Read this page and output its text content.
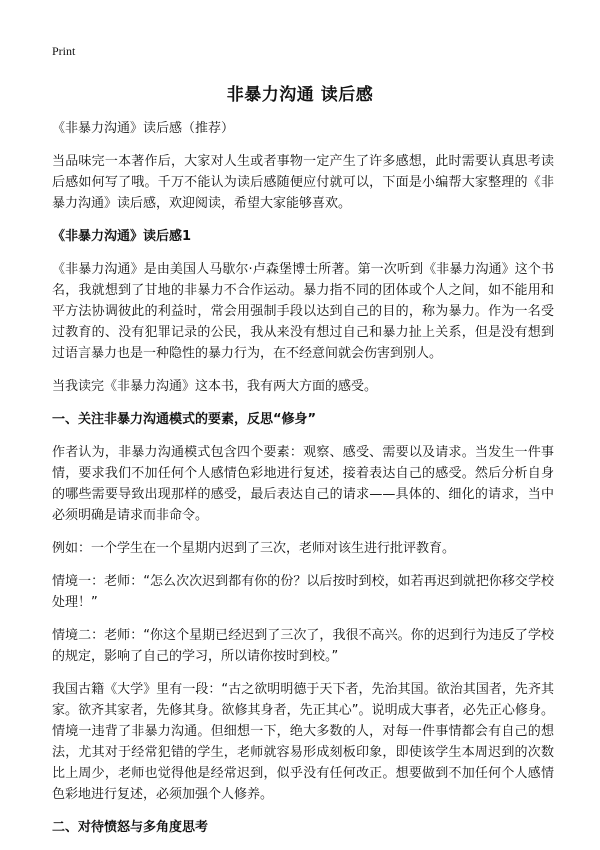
Print
非暴力沟通 读后感

《非暴力沟通》读后感（推荐）

当品味完一本著作后，大家对人生或者事物一定产生了许多感想，此时需要认真思考读后感如何写了哦。千万不能认为读后感随便应付就可以，下面是小编帮大家整理的《非暴力沟通》读后感，欢迎阅读，希望大家能够喜欢。

《非暴力沟通》读后感1

《非暴力沟通》是由美国人马歇尔·卢森堡博士所著。第一次听到《非暴力沟通》这个书名，我就想到了甘地的非暴力不合作运动。暴力指不同的团体或个人之间，如不能用和平方法协调彼此的利益时，常会用强制手段以达到自己的目的，称为暴力。作为一名受过教育的、没有犯罪记录的公民，我从来没有想过自己和暴力扯上关系，但是没有想到过语言暴力也是一种隐性的暴力行为，在不经意间就会伤害到别人。

当我读完《非暴力沟通》这本书，我有两大方面的感受。

一、关注非暴力沟通模式的要素，反思“修身”

作者认为，非暴力沟通模式包含四个要素：观察、感受、需要以及请求。当发生一件事情，要求我们不加任何个人感情色彩地进行复述，接着表达自己的感受。然后分析自身的哪些需要导致出现那样的感受，最后表达自己的请求——具体的、细化的请求，当中必须明确是请求而非命令。

例如：一个学生在一个星期内迟到了三次，老师对该生进行批评教育。

情境一：老师：“怎么次次迟到都有你的份？以后按时到校，如若再迟到就把你移交学校处理！”

情境二：老师：“你这个星期已经迟到了三次了，我很不高兴。你的迟到行为违反了学校的规定，影响了自己的学习，所以请你按时到校。”

我国古籍《大学》里有一段：“古之欲明明德于天下者，先治其国。欲治其国者，先齐其家。欲齐其家者，先修其身。欲修其身者，先正其心”。说明成大事者，必先正心修身。情境一违背了非暴力沟通。但细想一下，绝大多数的人，对每一件事情都会有自己的想法，尤其对于经常犯错的学生，老师就容易形成刻板印象，即使该学生本周迟到的次数比上周少，老师也觉得他是经常迟到，似乎没有任何改正。想要做到不加任何个人感情色彩地进行复述，必须加强个人修养。

二、对待愤怒与多角度思考
